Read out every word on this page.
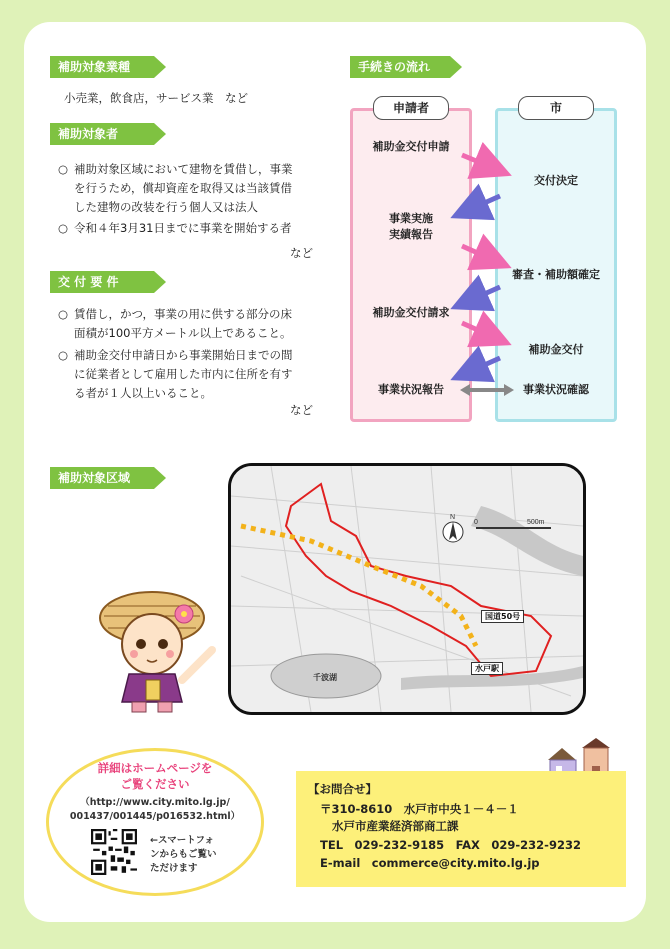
補助対象業種
小売業，飲食店，サービス業　など
補助対象者
○ 補助対象区域において建物を賃借し，事業
を行うため，償却資産を取得又は当該賃借
した建物の改装を行う個人又は法人
○ 令和４年3月31日までに事業を開始する者
など
交 付 要 件
○ 賃借し，かつ，事業の用に供する部分の床
面積が100平方メートル以上であること。
○ 補助金交付申請日から事業開始日までの間
に従業者として雇用した市内に住所を有す
る者が１人以上いること。
など
手続きの流れ
申請者	市
補助金交付申請
事業実施
実績報告
補助金交付請求
事業状況報告
交付決定
審査・補助額確定
補助金交付
事業状況確認
補助対象区域
0	500m
N
千波湖
国道50号
水戸駅
詳細はホームページを
ご覧ください
（http://www.city.mito.lg.jp/
001437/001445/p016532.html）
←スマートフォ
ンからもご覧い
ただけます
【お問合せ】
〒310-8610　水戸市中央１－４－１
水戸市産業経済部商工課
TEL　029-232-9185　FAX　029-232-9232
E-mail　commerce@city.mito.lg.jp
